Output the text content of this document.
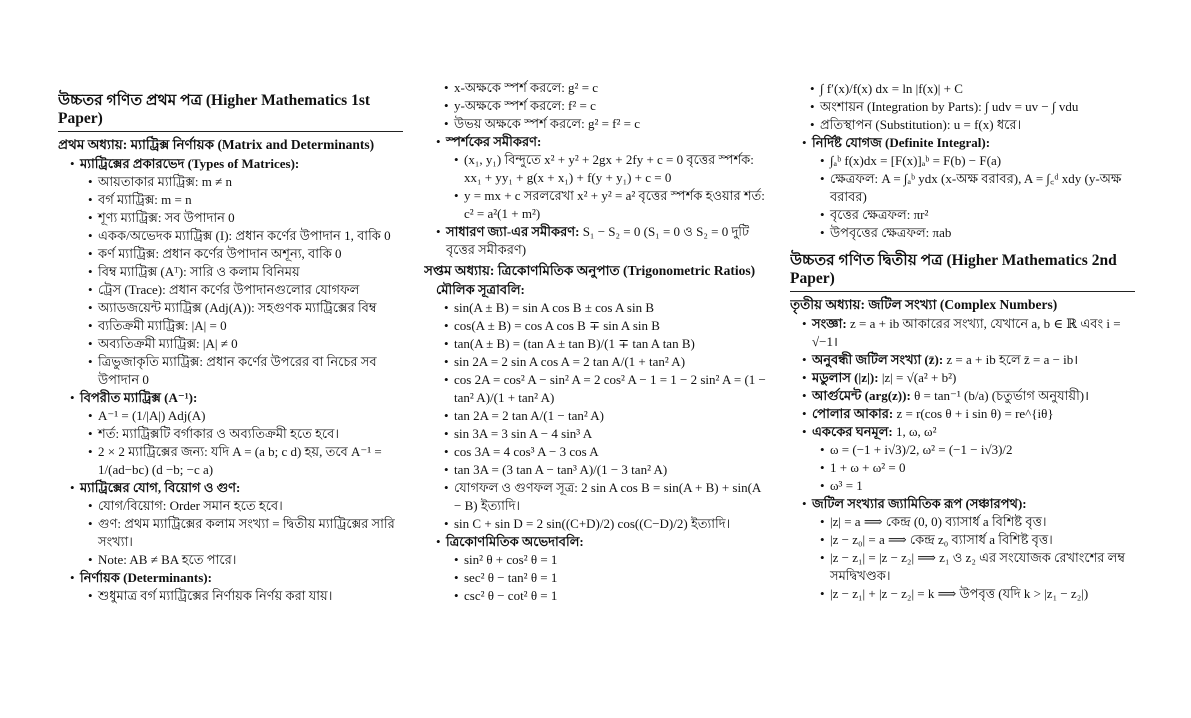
উচ্চতর গণিত প্রথম পত্র (Higher Mathematics 1st Paper)
প্রথম অধ্যায়: ম্যাট্রিক্স নির্ণায়ক (Matrix and Determinants)
• ম্যাট্রিক্সের প্রকারভেদ (Types of Matrices):
• আয়তাকার ম্যাট্রিক্স: m ≠ n
• বর্গ ম্যাট্রিক্স: m = n
• শূণ্য ম্যাট্রিক্স: সব উপাদান 0
• একক/অভেদক ম্যাট্রিক্স (I): প্রধান কর্ণের উপাদান 1, বাকি 0
• কর্ণ ম্যাট্রিক্স: প্রধান কর্ণের উপাদান অশূন্য, বাকি 0
• বিম্ব ম্যাট্রিক্স (Aᵀ): সারি ও কলাম বিনিময়
• ট্রেস (Trace): প্রধান কর্ণের উপাদানগুলোর যোগফল
• অ্যাডজয়েন্ট ম্যাট্রিক্স (Adj(A)): সহগুণক ম্যাট্রিক্সের বিম্ব
• ব্যতিক্রমী ম্যাট্রিক্স: |A| = 0
• অব্যতিক্রমী ম্যাট্রিক্স: |A| ≠ 0
• ত্রিভুজাকৃতি ম্যাট্রিক্স: প্রধান কর্ণের উপরের বা নিচের সব উপাদান 0
• বিপরীত ম্যাট্রিক্স (A⁻¹):
• A⁻¹ = (1/|A|) Adj(A)
• শর্ত: ম্যাট্রিক্সটি বর্গাকার ও অব্যতিক্রমী হতে হবে।
• 2 × 2 ম্যাট্রিক্সের জন্য: যদি A = (a b; c d) হয়, তবে A⁻¹ = 1/(ad−bc) (d −b; −c a)
• ম্যাট্রিক্সের যোগ, বিয়োগ ও গুণ:
• যোগ/বিয়োগ: Order সমান হতে হবে।
• গুণ: প্রথম ম্যাট্রিক্সের কলাম সংখ্যা = দ্বিতীয় ম্যাট্রিক্সের সারি সংখ্যা।
• Note: AB ≠ BA হতে পারে।
• নির্ণায়ক (Determinants):
• শুধুমাত্র বর্গ ম্যাট্রিক্সের নির্ণায়ক নির্ণয় করা যায়।
• x-অক্ষকে স্পর্শ করলে: g² = c
• y-অক্ষকে স্পর্শ করলে: f² = c
• উভয় অক্ষকে স্পর্শ করলে: g² = f² = c
• স্পর্শকের সমীকরণ:
• (x₁, y₁) বিন্দুতে x² + y² + 2gx + 2fy + c = 0 বৃত্তের স্পর্শক: xx₁ + yy₁ + g(x + x₁) + f(y + y₁) + c = 0
• y = mx + c সরলরেখা x² + y² = a² বৃত্তের স্পর্শক হওয়ার শর্ত: c² = a²(1 + m²)
• সাধারণ জ্যা-এর সমীকরণ: S₁ − S₂ = 0 (S₁ = 0 ও S₂ = 0 দুটি বৃত্তের সমীকরণ)
সপ্তম অধ্যায়: ত্রিকোণমিতিক অনুপাত (Trigonometric Ratios)
মৌলিক সূত্রাবলি:
• sin(A ± B) = sin A cos B ± cos A sin B
• cos(A ± B) = cos A cos B ∓ sin A sin B
• tan(A ± B) = (tan A ± tan B)/(1 ∓ tan A tan B)
• sin 2A = 2 sin A cos A = 2 tan A/(1 + tan² A)
• cos 2A = cos² A − sin² A = 2 cos² A − 1 = 1 − 2 sin² A = (1 − tan² A)/(1 + tan² A)
• tan 2A = 2 tan A/(1 − tan² A)
• sin 3A = 3 sin A − 4 sin³ A
• cos 3A = 4 cos³ A − 3 cos A
• tan 3A = (3 tan A − tan³ A)/(1 − 3 tan² A)
• যোগফল ও গুণফল সূত্র: 2 sin A cos B = sin(A + B) + sin(A − B) ইত্যাদি।
• sin C + sin D = 2 sin((C+D)/2) cos((C−D)/2) ইত্যাদি।
• ত্রিকোণমিতিক অভেদাবলি:
• sin² θ + cos² θ = 1
• sec² θ − tan² θ = 1
• csc² θ − cot² θ = 1
• ∫ f′(x)/f(x) dx = ln |f(x)| + C
• অংশায়ন (Integration by Parts): ∫ udv = uv − ∫ vdu
• প্রতিস্থাপন (Substitution): u = f(x) ধরে।
• নির্দিষ্ট যোগজ (Definite Integral):
• ∫ₐᵇ f(x)dx = [F(x)]ₐᵇ = F(b) − F(a)
• ক্ষেত্রফল: A = ∫ₐᵇ ydx (x-অক্ষ বরাবর), A = ∫꜀ᵈ xdy (y-অক্ষ বরাবর)
• বৃত্তের ক্ষেত্রফল: πr²
• উপবৃত্তের ক্ষেত্রফল: πab
উচ্চতর গণিত দ্বিতীয় পত্র (Higher Mathematics 2nd Paper)
তৃতীয় অধ্যায়: জটিল সংখ্যা (Complex Numbers)
• সংজ্ঞা: z = a + ib আকারের সংখ্যা, যেখানে a, b ∈ ℝ এবং i = √−1।
• অনুবন্ধী জটিল সংখ্যা (z̄): z = a + ib হলে z̄ = a − ib।
• মডুলাস (|z|): |z| = √(a² + b²)
• আর্গুমেন্ট (arg(z)): θ = tan⁻¹ (b/a) (চতুর্ভাগ অনুযায়ী)।
• পোলার আকার: z = r(cos θ + i sin θ) = re^{iθ}
• এককের ঘনমূল: 1, ω, ω²
• ω = (−1 + i√3)/2, ω² = (−1 − i√3)/2
• 1 + ω + ω² = 0
• ω³ = 1
• জটিল সংখ্যার জ্যামিতিক রূপ (সঞ্চারপথ):
• |z| = a ⟹ কেন্দ্র (0, 0) ব্যাসার্ধ a বিশিষ্ট বৃত্ত।
• |z − z₀| = a ⟹ কেন্দ্র z₀ ব্যাসার্ধ a বিশিষ্ট বৃত্ত।
• |z − z₁| = |z − z₂| ⟹ z₁ ও z₂ এর সংযোজক রেখাংশের লম্ব সমদ্বিখণ্ডক।
• |z − z₁| + |z − z₂| = k ⟹ উপবৃত্ত (যদি k > |z₁ − z₂|)
